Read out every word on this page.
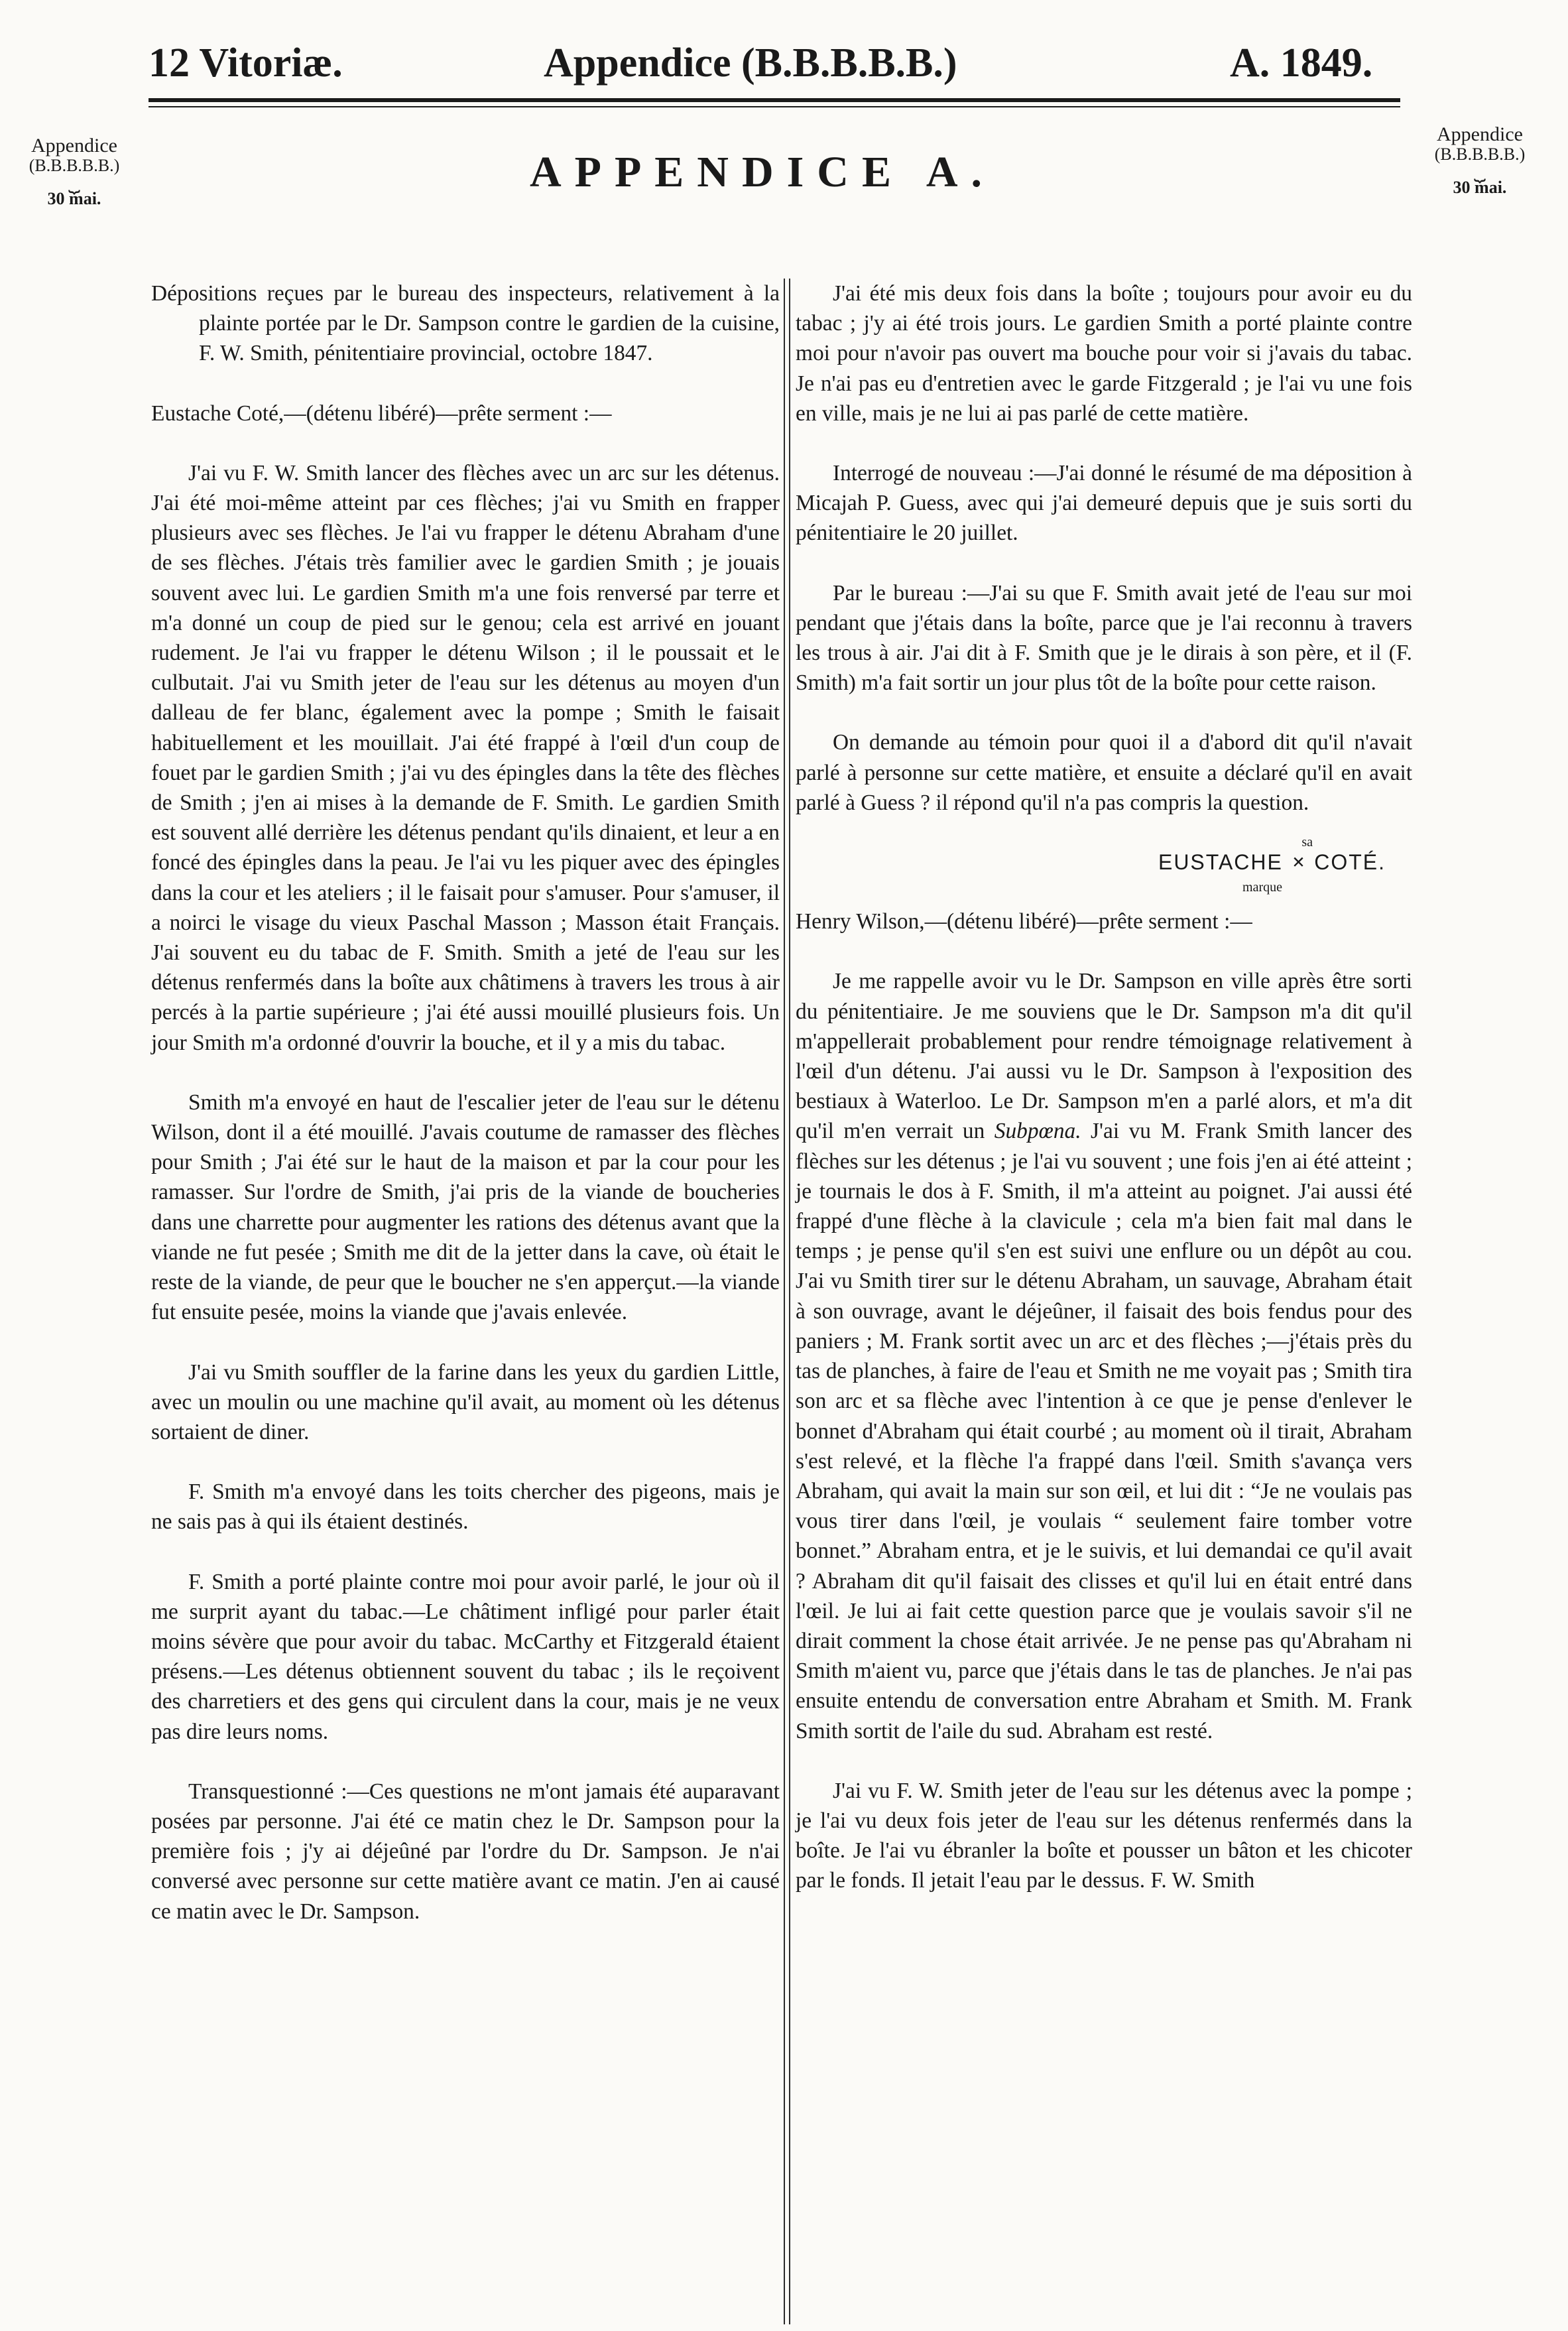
12 Vitoriæ.	Appendice (B.B.B.B.B.)	A. 1849.
Appendice
(B.B.B.B.B.)
⏟
30 mai.
Appendice
(B.B.B.B.B.)
⏟
30 mai.
APPENDICE A.
Dépositions reçues par le bureau des inspecteurs, relativement à la plainte portée par le Dr. Sampson contre le gardien de la cuisine, F. W. Smith, pénitentiaire provincial, octobre 1847.
Eustache Coté,—(détenu libéré)—prête serment :—
J'ai vu F. W. Smith lancer des flèches avec un arc sur les détenus. J'ai été moi-même atteint par ces flèches; j'ai vu Smith en frapper plusieurs avec ses flèches. Je l'ai vu frapper le détenu Abraham d'une de ses flèches. J'étais très familier avec le gardien Smith ; je jouais souvent avec lui. Le gardien Smith m'a une fois renversé par terre et m'a donné un coup de pied sur le genou; cela est arrivé en jouant rudement. Je l'ai vu frapper le détenu Wilson ; il le poussait et le culbutait. J'ai vu Smith jeter de l'eau sur les détenus au moyen d'un dalleau de fer blanc, également avec la pompe ; Smith le faisait habituellement et les mouillait. J'ai été frappé à l'œil d'un coup de fouet par le gardien Smith ; j'ai vu des épingles dans la tête des flèches de Smith ; j'en ai mises à la demande de F. Smith. Le gardien Smith est souvent allé derrière les détenus pendant qu'ils dinaient, et leur a en foncé des épingles dans la peau. Je l'ai vu les piquer avec des épingles dans la cour et les ateliers ; il le faisait pour s'amuser. Pour s'amuser, il a noirci le visage du vieux Paschal Masson ; Masson était Français. J'ai souvent eu du tabac de F. Smith. Smith a jeté de l'eau sur les détenus renfermés dans la boîte aux châtimens à travers les trous à air percés à la partie supérieure ; j'ai été aussi mouillé plusieurs fois. Un jour Smith m'a ordonné d'ouvrir la bouche, et il y a mis du tabac.
Smith m'a envoyé en haut de l'escalier jeter de l'eau sur le détenu Wilson, dont il a été mouillé. J'avais coutume de ramasser des flèches pour Smith ; J'ai été sur le haut de la maison et par la cour pour les ramasser. Sur l'ordre de Smith, j'ai pris de la viande de boucheries dans une charrette pour augmenter les rations des détenus avant que la viande ne fut pesée ; Smith me dit de la jetter dans la cave, où était le reste de la viande, de peur que le boucher ne s'en apperçut.—la viande fut ensuite pesée, moins la viande que j'avais enlevée.
J'ai vu Smith souffler de la farine dans les yeux du gardien Little, avec un moulin ou une machine qu'il avait, au moment où les détenus sortaient de diner.
F. Smith m'a envoyé dans les toits chercher des pigeons, mais je ne sais pas à qui ils étaient destinés.
F. Smith a porté plainte contre moi pour avoir parlé, le jour où il me surprit ayant du tabac.—Le châtiment infligé pour parler était moins sévère que pour avoir du tabac. McCarthy et Fitzgerald étaient présens.—Les détenus obtiennent souvent du tabac ; ils le reçoivent des charretiers et des gens qui circulent dans la cour, mais je ne veux pas dire leurs noms.
Transquestionné :—Ces questions ne m'ont jamais été auparavant posées par personne. J'ai été ce matin chez le Dr. Sampson pour la première fois ; j'y ai déjeûné par l'ordre du Dr. Sampson. Je n'ai conversé avec personne sur cette matière avant ce matin. J'en ai causé ce matin avec le Dr. Sampson.
J'ai été mis deux fois dans la boîte ; toujours pour avoir eu du tabac ; j'y ai été trois jours. Le gardien Smith a porté plainte contre moi pour n'avoir pas ouvert ma bouche pour voir si j'avais du tabac. Je n'ai pas eu d'entretien avec le garde Fitzgerald ; je l'ai vu une fois en ville, mais je ne lui ai pas parlé de cette matière.
Interrogé de nouveau :—J'ai donné le résumé de ma déposition à Micajah P. Guess, avec qui j'ai demeuré depuis que je suis sorti du pénitentiaire le 20 juillet.
Par le bureau :—J'ai su que F. Smith avait jeté de l'eau sur moi pendant que j'étais dans la boîte, parce que je l'ai reconnu à travers les trous à air. J'ai dit à F. Smith que je le dirais à son père, et il (F. Smith) m'a fait sortir un jour plus tôt de la boîte pour cette raison.
On demande au témoin pour quoi il a d'abord dit qu'il n'avait parlé à personne sur cette matière, et ensuite a déclaré qu'il en avait parlé à Guess ? il répond qu'il n'a pas compris la question.
sa
EUSTACHE × COTÉ.
marque
Henry Wilson,—(détenu libéré)—prête serment :—
Je me rappelle avoir vu le Dr. Sampson en ville après être sorti du pénitentiaire. Je me souviens que le Dr. Sampson m'a dit qu'il m'appellerait probablement pour rendre témoignage relativement à l'œil d'un détenu. J'ai aussi vu le Dr. Sampson à l'exposition des bestiaux à Waterloo. Le Dr. Sampson m'en a parlé alors, et m'a dit qu'il m'en verrait un Subpœna. J'ai vu M. Frank Smith lancer des flèches sur les détenus ; je l'ai vu souvent ; une fois j'en ai été atteint ; je tournais le dos à F. Smith, il m'a atteint au poignet. J'ai aussi été frappé d'une flèche à la clavicule ; cela m'a bien fait mal dans le temps ; je pense qu'il s'en est suivi une enflure ou un dépôt au cou. J'ai vu Smith tirer sur le détenu Abraham, un sauvage, Abraham était à son ouvrage, avant le déjeûner, il faisait des bois fendus pour des paniers ; M. Frank sortit avec un arc et des flèches ;—j'étais près du tas de planches, à faire de l'eau et Smith ne me voyait pas ; Smith tira son arc et sa flèche avec l'intention à ce que je pense d'enlever le bonnet d'Abraham qui était courbé ; au moment où il tirait, Abraham s'est relevé, et la flèche l'a frappé dans l'œil. Smith s'avança vers Abraham, qui avait la main sur son œil, et lui dit : “Je ne voulais pas vous tirer dans l'œil, je voulais “ seulement faire tomber votre bonnet.” Abraham entra, et je le suivis, et lui demandai ce qu'il avait ? Abraham dit qu'il faisait des clisses et qu'il lui en était entré dans l'œil. Je lui ai fait cette question parce que je voulais savoir s'il ne dirait comment la chose était arrivée. Je ne pense pas qu'Abraham ni Smith m'aient vu, parce que j'étais dans le tas de planches. Je n'ai pas ensuite entendu de conversation entre Abraham et Smith. M. Frank Smith sortit de l'aile du sud. Abraham est resté.
J'ai vu F. W. Smith jeter de l'eau sur les détenus avec la pompe ; je l'ai vu deux fois jeter de l'eau sur les détenus renfermés dans la boîte. Je l'ai vu ébranler la boîte et pousser un bâton et les chicoter par le fonds. Il jetait l'eau par le dessus. F. W. Smith
